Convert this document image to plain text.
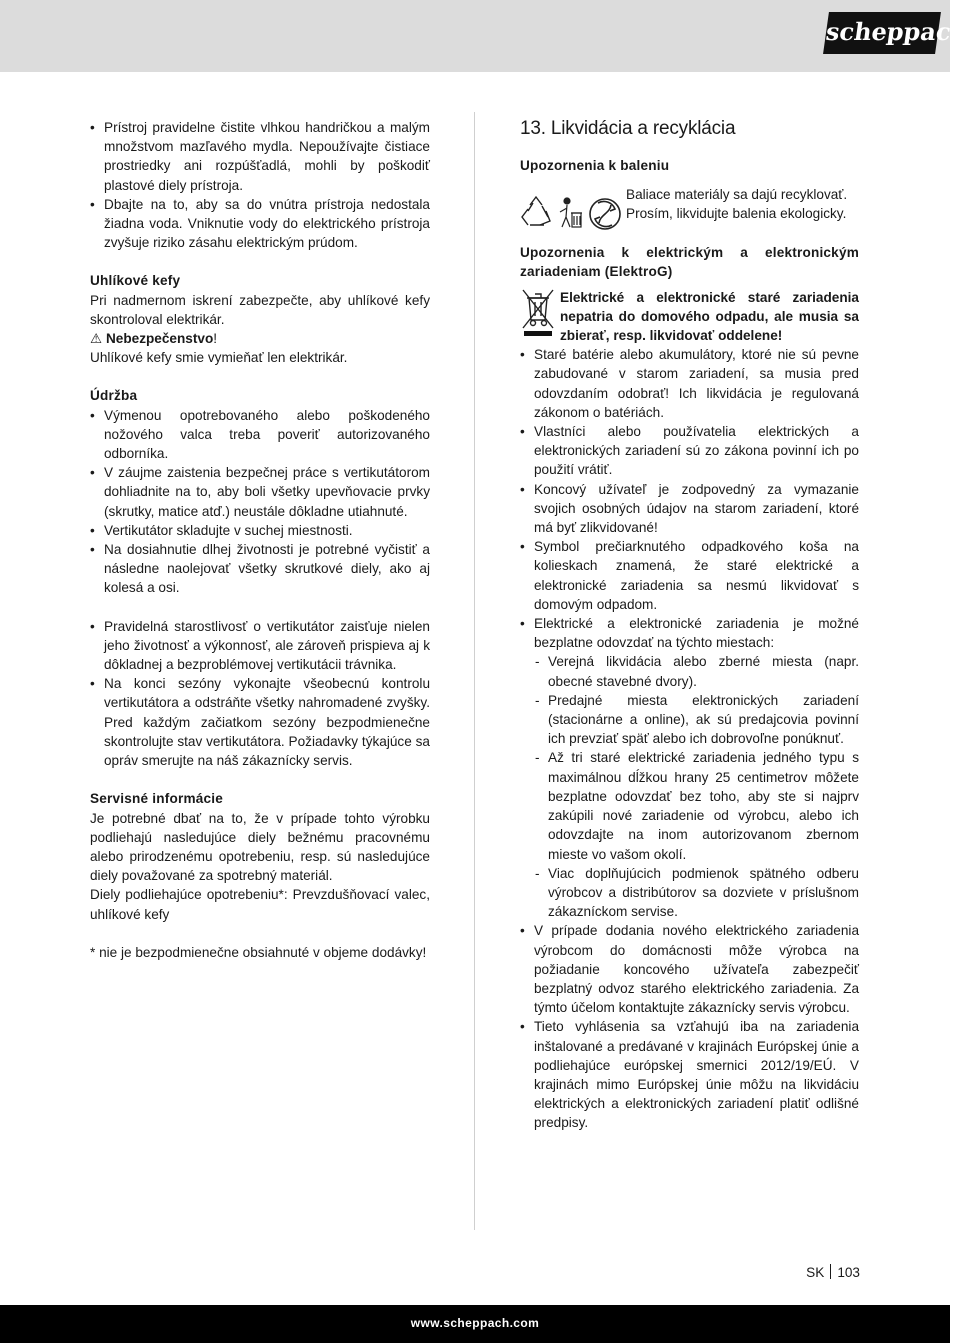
scheppach
• Prístroj pravidelne čistite vlhkou handričkou a malým množstvom mazľavého mydla. Nepoužívajte čistiace prostriedky ani rozpúšťadlá, mohli by poškodiť plastové diely prístroja.
• Dbajte na to, aby sa do vnútra prístroja nedostala žiadna voda. Vniknutie vody do elektrického prístroja zvyšuje riziko zásahu elektrickým prúdom.
Uhlíkové kefy

Pri nadmernom iskrení zabezpečte, aby uhlíkové kefy skontroloval elektrikár.

⚠ Nebezpečenstvo!

Uhlíkové kefy smie vymieňať len elektrikár.

Údržba
• Výmenou opotrebovaného alebo poškodeného nožového valca treba poveriť autorizovaného odborníka.
• V záujme zaistenia bezpečnej práce s vertikutátorom dohliadnite na to, aby boli všetky upevňovacie prvky (skrutky, matice atď.) neustále dôkladne utiahnuté.
• Vertikutátor skladujte v suchej miestnosti.
• Na dosiahnutie dlhej životnosti je potrebné vyčistiť a následne naolejovať všetky skrutkové diely, ako aj kolesá a osi.
• Pravidelná starostlivosť o vertikutátor zaisťuje nielen jeho životnosť a výkonnosť, ale zároveň prispieva aj k dôkladnej a bezproblémovej vertikutácii trávnika.
• Na konci sezóny vykonajte všeobecnú kontrolu vertikutátora a odstráňte všetky nahromadené zvyšky. Pred každým začiatkom sezóny bezpodmienečne skontrolujte stav vertikutátora. Požiadavky týkajúce sa opráv smerujte na náš zákaznícky servis.
Servisné informácie

Je potrebné dbať na to, že v prípade tohto výrobku podliehajú nasledujúce diely bežnému pracovnému alebo prirodzenému opotrebeniu, resp. sú nasledujúce diely považované za spotrebný materiál.

Diely podliehajúce opotrebeniu*: Prevzdušňovací valec, uhlíkové kefy

* nie je bezpodmienečne obsiahnuté v objeme dodávky!

13. Likvidácia a recyklácia
Upozornenia k baleniu
Baliace materiály sa dajú recyklovať. Prosím, likvidujte balenia ekologicky.
Upozornenia k elektrickým a elektronickým zariadeniam (ElektroG)
Elektrické a elektronické staré zariadenia nepatria do domového odpadu, ale musia sa zbierať, resp. likvidovať oddelene!
• Staré batérie alebo akumulátory, ktoré nie sú pevne zabudované v starom zariadení, sa musia pred odovzdaním odobrať! Ich likvidácia je regulovaná zákonom o batériách.
• Vlastníci alebo používatelia elektrických a elektronických zariadení sú zo zákona povinní ich po použití vrátiť.
• Koncový užívateľ je zodpovedný za vymazanie svojich osobných údajov na starom zariadení, ktoré má byť zlikvidované!
• Symbol prečiarknutého odpadkového koša na kolieskach znamená, že staré elektrické a elektronické zariadenia sa nesmú likvidovať s domovým odpadom.
• Elektrické a elektronické zariadenia je možné bezplatne odovzdať na týchto miestach:
- Verejná likvidácia alebo zberné miesta (napr. obecné stavebné dvory).
- Predajné miesta elektronických zariadení (stacionárne a online), ak sú predajcovia povinní ich prevziať späť alebo ich dobrovoľne ponúknuť.
- Až tri staré elektrické zariadenia jedného typu s maximálnou dĺžkou hrany 25 centimetrov môžete bezplatne odovzdať bez toho, aby ste si najprv zakúpili nové zariadenie od výrobcu, alebo ich odovzdajte na inom autorizovanom zbernom mieste vo vašom okolí.
- Viac doplňujúcich podmienok spätného odberu výrobcov a distribútorov sa dozviete v príslušnom zákazníckom servise.
• V prípade dodania nového elektrického zariadenia výrobcom do domácnosti môže výrobca na požiadanie koncového užívateľa zabezpečiť bezplatný odvoz starého elektrického zariadenia. Za týmto účelom kontaktujte zákaznícky servis výrobcu.
• Tieto vyhlásenia sa vzťahujú iba na zariadenia inštalované a predávané v krajinách Európskej únie a podliehajúce európskej smernici 2012/19/EÚ. V krajinách mimo Európskej únie môžu na likvidáciu elektrických a elektronických zariadení platiť odlišné predpisy.
SK 103
www.scheppach.com
